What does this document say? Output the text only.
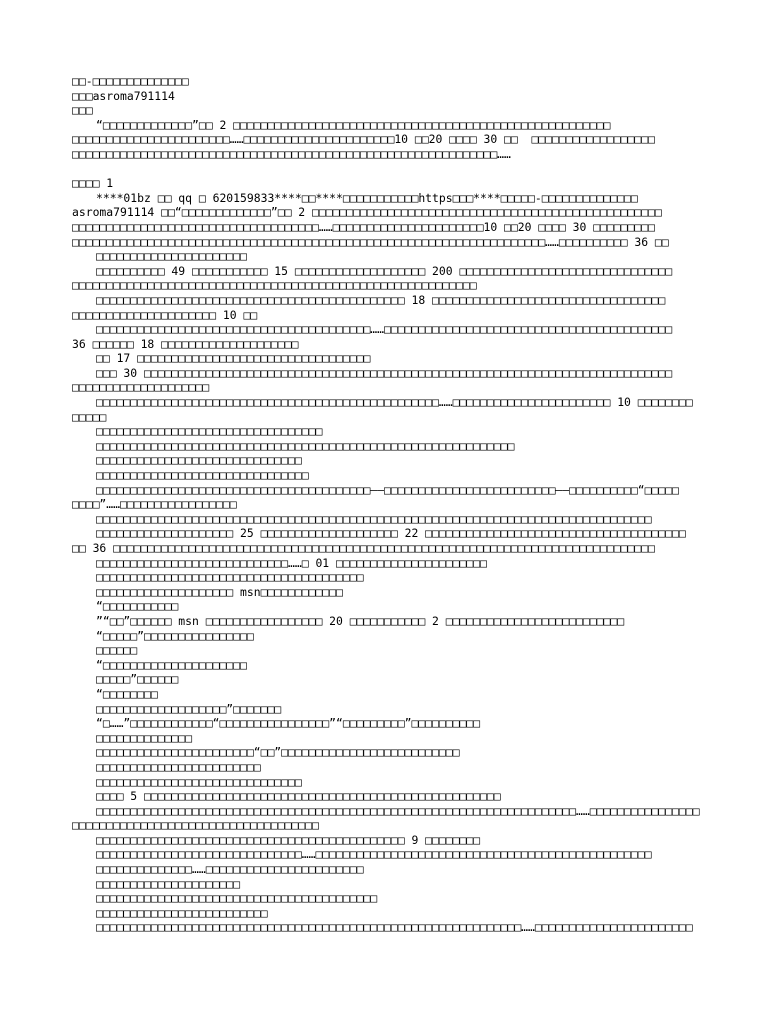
□□-□□□□□□□□□□□□□□
□□□asroma791114
□□□
“□□□□□□□□□□□□□”□□ 2 □□□□□□□□□□□□□□□□□□□□□□□□□□□□□□□□□□□□□□□□□□□□□□□□□□□□□□□
□□□□□□□□□□□□□□□□□□□□□□□……□□□□□□□□□□□□□□□□□□□□□□10 □□20 □□□□ 30 □□  □□□□□□□□□□□□□□□□□□
□□□□□□□□□□□□□□□□□□□□□□□□□□□□□□□□□□□□□□□□□□□□□□□□□□□□□□□□□□□□□□……
□□□□ 1
****01bz □□ qq □ 620159833****□□****□□□□□□□□□□□https□□□****□□□□□-□□□□□□□□□□□□□□
asroma791114 □□“□□□□□□□□□□□□□”□□ 2 □□□□□□□□□□□□□□□□□□□□□□□□□□□□□□□□□□□□□□□□□□□□□□□□□□□
□□□□□□□□□□□□□□□□□□□□□□□□□□□□□□□□□□□□……□□□□□□□□□□□□□□□□□□□□□□10 □□20 □□□□ 30 □□□□□□□□□
□□□□□□□□□□□□□□□□□□□□□□□□□□□□□□□□□□□□□□□□□□□□□□□□□□□□□□□□□□□□□□□□□□□□□……□□□□□□□□□□ 36 □□
□□□□□□□□□□□□□□□□□□□□□□
□□□□□□□□□□ 49 □□□□□□□□□□□ 15 □□□□□□□□□□□□□□□□□□□ 200 □□□□□□□□□□□□□□□□□□□□□□□□□□□□□□□
□□□□□□□□□□□□□□□□□□□□□□□□□□□□□□□□□□□□□□□□□□□□□□□□□□□□□□□□□□□
□□□□□□□□□□□□□□□□□□□□□□□□□□□□□□□□□□□□□□□□□□□□□ 18 □□□□□□□□□□□□□□□□□□□□□□□□□□□□□□□□□□
□□□□□□□□□□□□□□□□□□□□□ 10 □□
□□□□□□□□□□□□□□□□□□□□□□□□□□□□□□□□□□□□□□□□……□□□□□□□□□□□□□□□□□□□□□□□□□□□□□□□□□□□□□□□□□□
36 □□□□□□ 18 □□□□□□□□□□□□□□□□□□□□
□□ 17 □□□□□□□□□□□□□□□□□□□□□□□□□□□□□□□□□□
□□□ 30 □□□□□□□□□□□□□□□□□□□□□□□□□□□□□□□□□□□□□□□□□□□□□□□□□□□□□□□□□□□□□□□□□□□□□□□□□□□□□
□□□□□□□□□□□□□□□□□□□□
□□□□□□□□□□□□□□□□□□□□□□□□□□□□□□□□□□□□□□□□□□□□□□□□□□……□□□□□□□□□□□□□□□□□□□□□□□ 10 □□□□□□□□
□□□□□
□□□□□□□□□□□□□□□□□□□□□□□□□□□□□□□□□
□□□□□□□□□□□□□□□□□□□□□□□□□□□□□□□□□□□□□□□□□□□□□□□□□□□□□□□□□□□□□
□□□□□□□□□□□□□□□□□□□□□□□□□□□□□□
□□□□□□□□□□□□□□□□□□□□□□□□□□□□□□□
□□□□□□□□□□□□□□□□□□□□□□□□□□□□□□□□□□□□□□□□——□□□□□□□□□□□□□□□□□□□□□□□□□——□□□□□□□□□□“□□□□□
□□□□”……□□□□□□□□□□□□□□□□□
□□□□□□□□□□□□□□□□□□□□□□□□□□□□□□□□□□□□□□□□□□□□□□□□□□□□□□□□□□□□□□□□□□□□□□□□□□□□□□□□□
□□□□□□□□□□□□□□□□□□□□ 25 □□□□□□□□□□□□□□□□□□□□ 22 □□□□□□□□□□□□□□□□□□□□□□□□□□□□□□□□□□□□□□
□□ 36 □□□□□□□□□□□□□□□□□□□□□□□□□□□□□□□□□□□□□□□□□□□□□□□□□□□□□□□□□□□□□□□□□□□□□□□□□□□□□□□
□□□□□□□□□□□□□□□□□□□□□□□□□□□□……□ 01 □□□□□□□□□□□□□□□□□□□□□□
□□□□□□□□□□□□□□□□□□□□□□□□□□□□□□□□□□□□□□□
□□□□□□□□□□□□□□□□□□□□ msn□□□□□□□□□□□□
“□□□□□□□□□□□
”“□□”□□□□□□ msn □□□□□□□□□□□□□□□□□ 20 □□□□□□□□□□□ 2 □□□□□□□□□□□□□□□□□□□□□□□□□□
“□□□□□”□□□□□□□□□□□□□□□□
□□□□□□
“□□□□□□□□□□□□□□□□□□□□□
□□□□□”□□□□□□
“□□□□□□□□
□□□□□□□□□□□□□□□□□□□”□□□□□□□
“□……”□□□□□□□□□□□□“□□□□□□□□□□□□□□□□”“□□□□□□□□□”□□□□□□□□□□
□□□□□□□□□□□□□□
□□□□□□□□□□□□□□□□□□□□□□□“□□”□□□□□□□□□□□□□□□□□□□□□□□□□□
□□□□□□□□□□□□□□□□□□□□□□□□
□□□□□□□□□□□□□□□□□□□□□□□□□□□□□□
□□□□ 5 □□□□□□□□□□□□□□□□□□□□□□□□□□□□□□□□□□□□□□□□□□□□□□□□□□□□
□□□□□□□□□□□□□□□□□□□□□□□□□□□□□□□□□□□□□□□□□□□□□□□□□□□□□□□□□□□□□□□□□□□□□□……□□□□□□□□□□□□□□□□
□□□□□□□□□□□□□□□□□□□□□□□□□□□□□□□□□□□□
□□□□□□□□□□□□□□□□□□□□□□□□□□□□□□□□□□□□□□□□□□□□□ 9 □□□□□□□□
□□□□□□□□□□□□□□□□□□□□□□□□□□□□□□……□□□□□□□□□□□□□□□□□□□□□□□□□□□□□□□□□□□□□□□□□□□□□□□□□
□□□□□□□□□□□□□□……□□□□□□□□□□□□□□□□□□□□□□□
□□□□□□□□□□□□□□□□□□□□□
□□□□□□□□□□□□□□□□□□□□□□□□□□□□□□□□□□□□□□□□□
□□□□□□□□□□□□□□□□□□□□□□□□□
□□□□□□□□□□□□□□□□□□□□□□□□□□□□□□□□□□□□□□□□□□□□□□□□□□□□□□□□□□□□□□……□□□□□□□□□□□□□□□□□□□□□□□
